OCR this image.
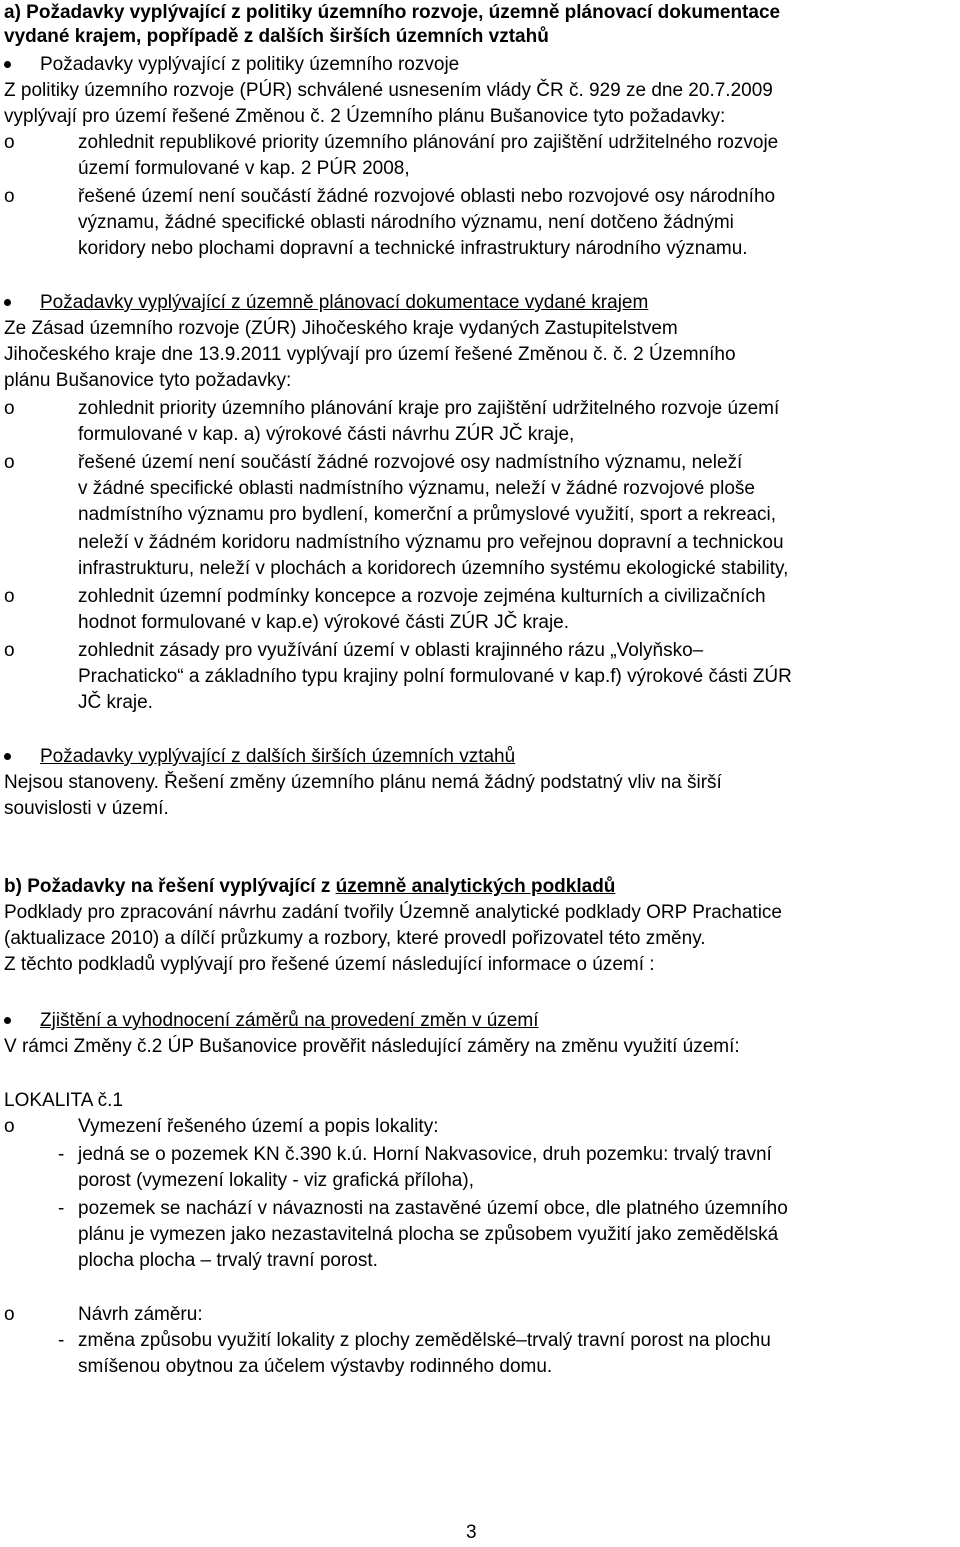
a) Požadavky vyplývající z politiky územního rozvoje, územně plánovací dokumentace
vydané krajem, popřípadě z dalších širších územních vztahů
Požadavky vyplývající z politiky územního rozvoje
Z politiky územního rozvoje (PÚR) schválené usnesením vlády ČR č. 929 ze dne 20.7.2009
vyplývají pro území řešené Změnou č. 2 Územního plánu Bušanovice tyto požadavky:
o	zohlednit republikové priority územního plánování pro zajištění udržitelného rozvoje
území formulované v kap. 2 PÚR 2008,
o	řešené území není součástí žádné rozvojové oblasti nebo rozvojové osy národního
významu, žádné specifické oblasti národního významu, není dotčeno žádnými
koridory nebo plochami dopravní a technické infrastruktury národního významu.
Požadavky vyplývající z územně plánovací dokumentace vydané krajem
Ze Zásad územního rozvoje (ZÚR) Jihočeského kraje vydaných Zastupitelstvem
Jihočeského kraje dne 13.9.2011 vyplývají pro území řešené Změnou č. č. 2 Územního
plánu Bušanovice tyto požadavky:
o	zohlednit priority územního plánování kraje pro zajištění udržitelného rozvoje území
formulované v kap. a) výrokové části návrhu ZÚR JČ kraje,
o	řešené území není součástí žádné rozvojové osy nadmístního významu, neleží
v žádné specifické oblasti nadmístního významu, neleží v žádné rozvojové ploše
nadmístního významu pro bydlení, komerční a průmyslové využití, sport a rekreaci,
neleží v žádném koridoru nadmístního významu pro veřejnou dopravní a technickou
infrastrukturu, neleží v plochách a koridorech územního systému ekologické stability,
o	zohlednit územní podmínky koncepce a rozvoje zejména kulturních a civilizačních
hodnot formulované v kap.e) výrokové části ZÚR JČ kraje.
o	zohlednit zásady pro využívání území v oblasti krajinného rázu „Volyňsko–
Prachaticko“ a základního typu krajiny polní formulované v kap.f) výrokové části ZÚR
JČ kraje.
Požadavky vyplývající z dalších širších územních vztahů
Nejsou stanoveny. Řešení změny územního plánu nemá žádný podstatný vliv na širší
souvislosti v území.
b) Požadavky na řešení vyplývající z územně analytických podkladů
Podklady pro zpracování návrhu zadání tvořily Územně analytické podklady ORP Prachatice
(aktualizace 2010) a dílčí průzkumy a rozbory, které provedl pořizovatel této změny.
Z těchto podkladů vyplývají pro řešené území následující informace o území :
Zjištění a vyhodnocení záměrů na provedení změn v území
V rámci Změny č.2 ÚP Bušanovice prověřit následující záměry na změnu využití území:
LOKALITA č.1
o	Vymezení řešeného území a popis lokality:
- jedná se o pozemek KN č.390 k.ú. Horní Nakvasovice, druh pozemku: trvalý travní
porost (vymezení lokality - viz grafická příloha),
- pozemek se nachází v návaznosti na zastavěné území obce, dle platného územního
plánu je vymezen jako nezastavitelná plocha se způsobem využití jako zemědělská
plocha plocha – trvalý travní porost.
o	Návrh záměru:
- změna způsobu využití lokality z plochy zemědělské–trvalý travní porost na plochu
smíšenou obytnou za účelem výstavby rodinného domu.
3
